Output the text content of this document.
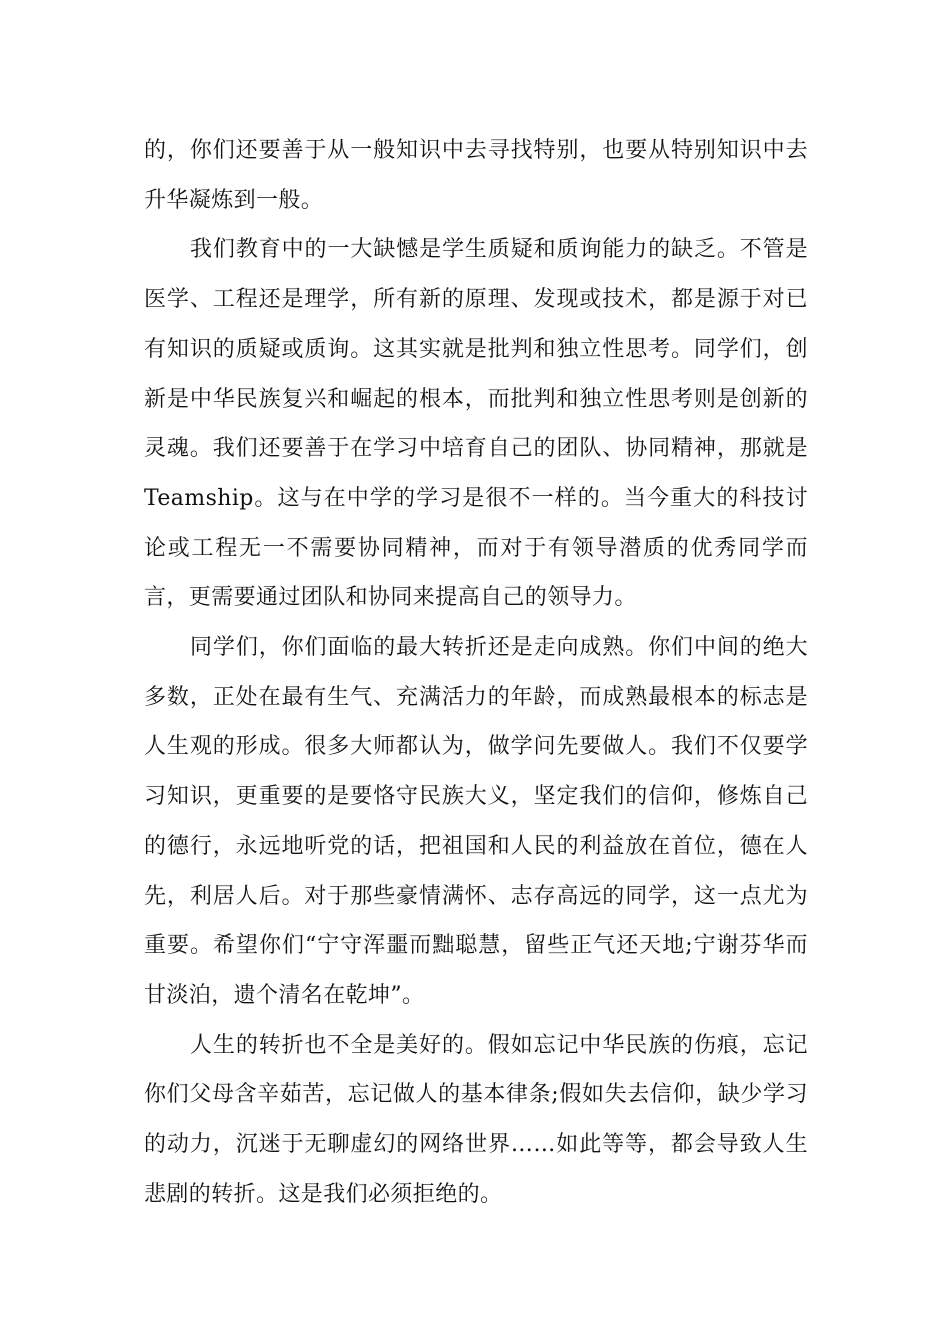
的，你们还要善于从一般知识中去寻找特别，也要从特别知识中去升华凝炼到一般。

我们教育中的一大缺憾是学生质疑和质询能力的缺乏。不管是医学、工程还是理学，所有新的原理、发现或技术，都是源于对已有知识的质疑或质询。这其实就是批判和独立性思考。同学们，创新是中华民族复兴和崛起的根本，而批判和独立性思考则是创新的灵魂。我们还要善于在学习中培育自己的团队、协同精神，那就是Teamship。这与在中学的学习是很不一样的。当今重大的科技讨论或工程无一不需要协同精神，而对于有领导潜质的优秀同学而言，更需要通过团队和协同来提高自己的领导力。

同学们，你们面临的最大转折还是走向成熟。你们中间的绝大多数，正处在最有生气、充满活力的年龄，而成熟最根本的标志是人生观的形成。很多大师都认为，做学问先要做人。我们不仅要学习知识，更重要的是要恪守民族大义，坚定我们的信仰，修炼自己的德行，永远地听党的话，把祖国和人民的利益放在首位，德在人先，利居人后。对于那些豪情满怀、志存高远的同学，这一点尤为重要。希望你们“宁守浑噩而黜聪慧，留些正气还天地;宁谢芬华而甘淡泊，遗个清名在乾坤”。

人生的转折也不全是美好的。假如忘记中华民族的伤痕，忘记你们父母含辛茹苦，忘记做人的基本律条;假如失去信仰，缺少学习的动力，沉迷于无聊虚幻的网络世界……如此等等，都会导致人生悲剧的转折。这是我们必须拒绝的。
